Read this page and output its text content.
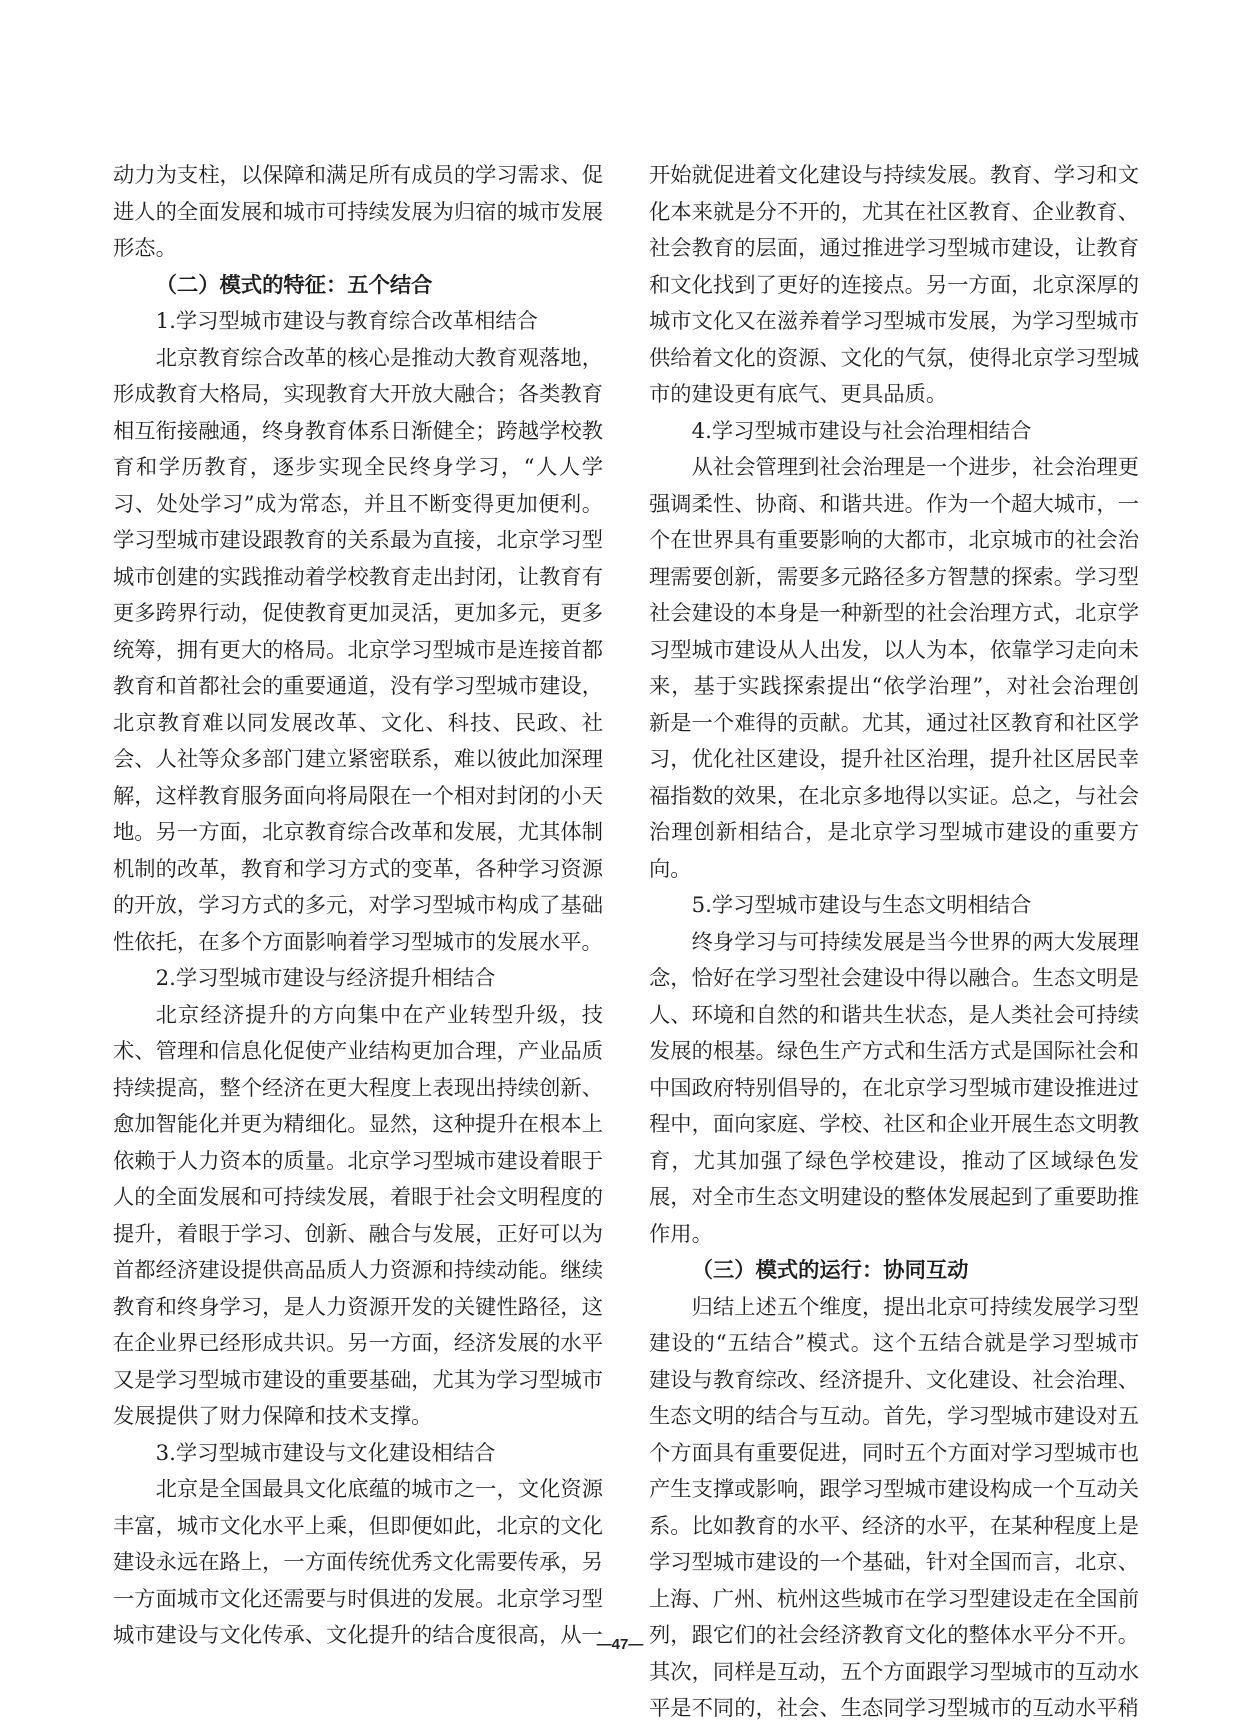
动力为支柱，以保障和满足所有成员的学习需求、促进人的全面发展和城市可持续发展为归宿的城市发展形态。

（二）模式的特征：五个结合

1.学习型城市建设与教育综合改革相结合

北京教育综合改革的核心是推动大教育观落地，形成教育大格局，实现教育大开放大融合；各类教育相互衔接融通，终身教育体系日渐健全；跨越学校教育和学历教育，逐步实现全民终身学习，“人人学习、处处学习”成为常态，并且不断变得更加便利。学习型城市建设跟教育的关系最为直接，北京学习型城市创建的实践推动着学校教育走出封闭，让教育有更多跨界行动，促使教育更加灵活，更加多元，更多统筹，拥有更大的格局。北京学习型城市是连接首都教育和首都社会的重要通道，没有学习型城市建设，北京教育难以同发展改革、文化、科技、民政、社会、人社等众多部门建立紧密联系，难以彼此加深理解，这样教育服务面向将局限在一个相对封闭的小天地。另一方面，北京教育综合改革和发展，尤其体制机制的改革，教育和学习方式的变革，各种学习资源的开放，学习方式的多元，对学习型城市构成了基础性依托，在多个方面影响着学习型城市的发展水平。

2.学习型城市建设与经济提升相结合

北京经济提升的方向集中在产业转型升级，技术、管理和信息化促使产业结构更加合理，产业品质持续提高，整个经济在更大程度上表现出持续创新、愈加智能化并更为精细化。显然，这种提升在根本上依赖于人力资本的质量。北京学习型城市建设着眼于人的全面发展和可持续发展，着眼于社会文明程度的提升，着眼于学习、创新、融合与发展，正好可以为首都经济建设提供高品质人力资源和持续动能。继续教育和终身学习，是人力资源开发的关键性路径，这在企业界已经形成共识。另一方面，经济发展的水平又是学习型城市建设的重要基础，尤其为学习型城市发展提供了财力保障和技术支撑。

3.学习型城市建设与文化建设相结合

北京是全国最具文化底蕴的城市之一，文化资源丰富，城市文化水平上乘，但即便如此，北京的文化建设永远在路上，一方面传统优秀文化需要传承，另一方面城市文化还需要与时俱进的发展。北京学习型城市建设与文化传承、文化提升的结合度很高，从一

开始就促进着文化建设与持续发展。教育、学习和文化本来就是分不开的，尤其在社区教育、企业教育、社会教育的层面，通过推进学习型城市建设，让教育和文化找到了更好的连接点。另一方面，北京深厚的城市文化又在滋养着学习型城市发展，为学习型城市供给着文化的资源、文化的气氛，使得北京学习型城市的建设更有底气、更具品质。

4.学习型城市建设与社会治理相结合

从社会管理到社会治理是一个进步，社会治理更强调柔性、协商、和谐共进。作为一个超大城市，一个在世界具有重要影响的大都市，北京城市的社会治理需要创新，需要多元路径多方智慧的探索。学习型社会建设的本身是一种新型的社会治理方式，北京学习型城市建设从人出发，以人为本，依靠学习走向未来，基于实践探索提出“依学治理”，对社会治理创新是一个难得的贡献。尤其，通过社区教育和社区学习，优化社区建设，提升社区治理，提升社区居民幸福指数的效果，在北京多地得以实证。总之，与社会治理创新相结合，是北京学习型城市建设的重要方向。

5.学习型城市建设与生态文明相结合

终身学习与可持续发展是当今世界的两大发展理念，恰好在学习型社会建设中得以融合。生态文明是人、环境和自然的和谐共生状态，是人类社会可持续发展的根基。绿色生产方式和生活方式是国际社会和中国政府特别倡导的，在北京学习型城市建设推进过程中，面向家庭、学校、社区和企业开展生态文明教育，尤其加强了绿色学校建设，推动了区域绿色发展，对全市生态文明建设的整体发展起到了重要助推作用。

（三）模式的运行：协同互动

归结上述五个维度，提出北京可持续发展学习型建设的“五结合”模式。这个五结合就是学习型城市建设与教育综改、经济提升、文化建设、社会治理、生态文明的结合与互动。首先，学习型城市建设对五个方面具有重要促进，同时五个方面对学习型城市也产生支撑或影响，跟学习型城市建设构成一个互动关系。比如教育的水平、经济的水平，在某种程度上是学习型城市建设的一个基础，针对全国而言，北京、上海、广州、杭州这些城市在学习型建设走在全国前列，跟它们的社会经济教育文化的整体水平分不开。其次，同样是互动，五个方面跟学习型城市的互动水平是不同的，社会、生态同学习型城市的互动水平稍

—47—
